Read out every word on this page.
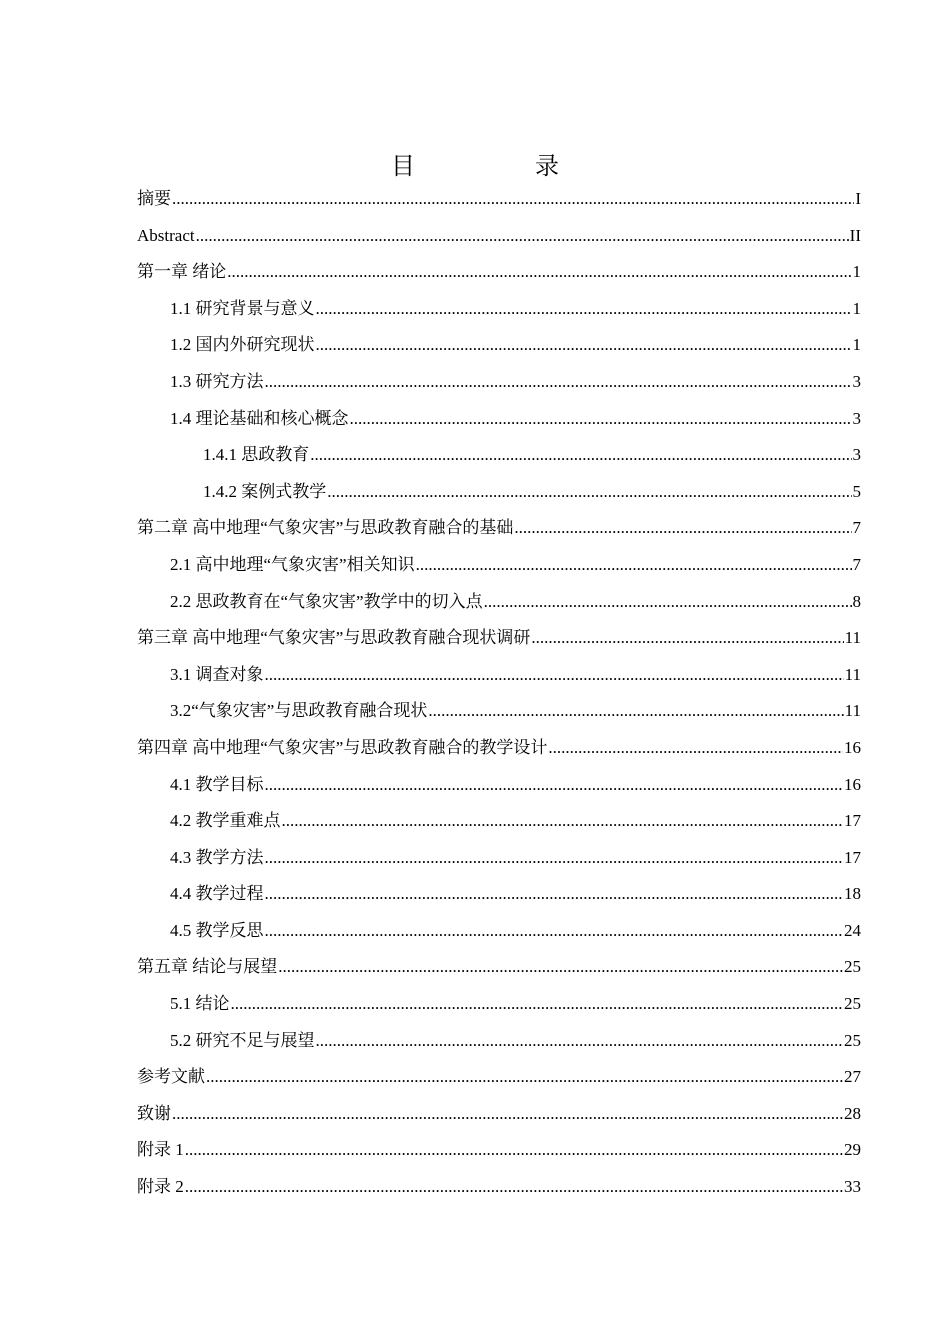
目　录
摘要 .....	I
Abstract .....	II
第一章 绪论 .....	1
1.1 研究背景与意义 .....	1
1.2 国内外研究现状 .....	1
1.3 研究方法 .....	3
1.4 理论基础和核心概念 .....	3
1.4.1 思政教育 .....	3
1.4.2 案例式教学 .....	5
第二章 高中地理“气象灾害”与思政教育融合的基础 .....	7
2.1 高中地理“气象灾害”相关知识 .....	7
2.2 思政教育在“气象灾害”教学中的切入点 .....	8
第三章 高中地理“气象灾害”与思政教育融合现状调研 .....	11
3.1 调查对象 .....	11
3.2“气象灾害”与思政教育融合现状 .....	11
第四章 高中地理“气象灾害”与思政教育融合的教学设计 .....	16
4.1 教学目标 .....	16
4.2 教学重难点 .....	17
4.3 教学方法 .....	17
4.4 教学过程 .....	18
4.5 教学反思 .....	24
第五章 结论与展望 .....	25
5.1 结论 .....	25
5.2 研究不足与展望 .....	25
参考文献 .....	27
致谢 .....	28
附录 1 .....	29
附录 2 .....	33
